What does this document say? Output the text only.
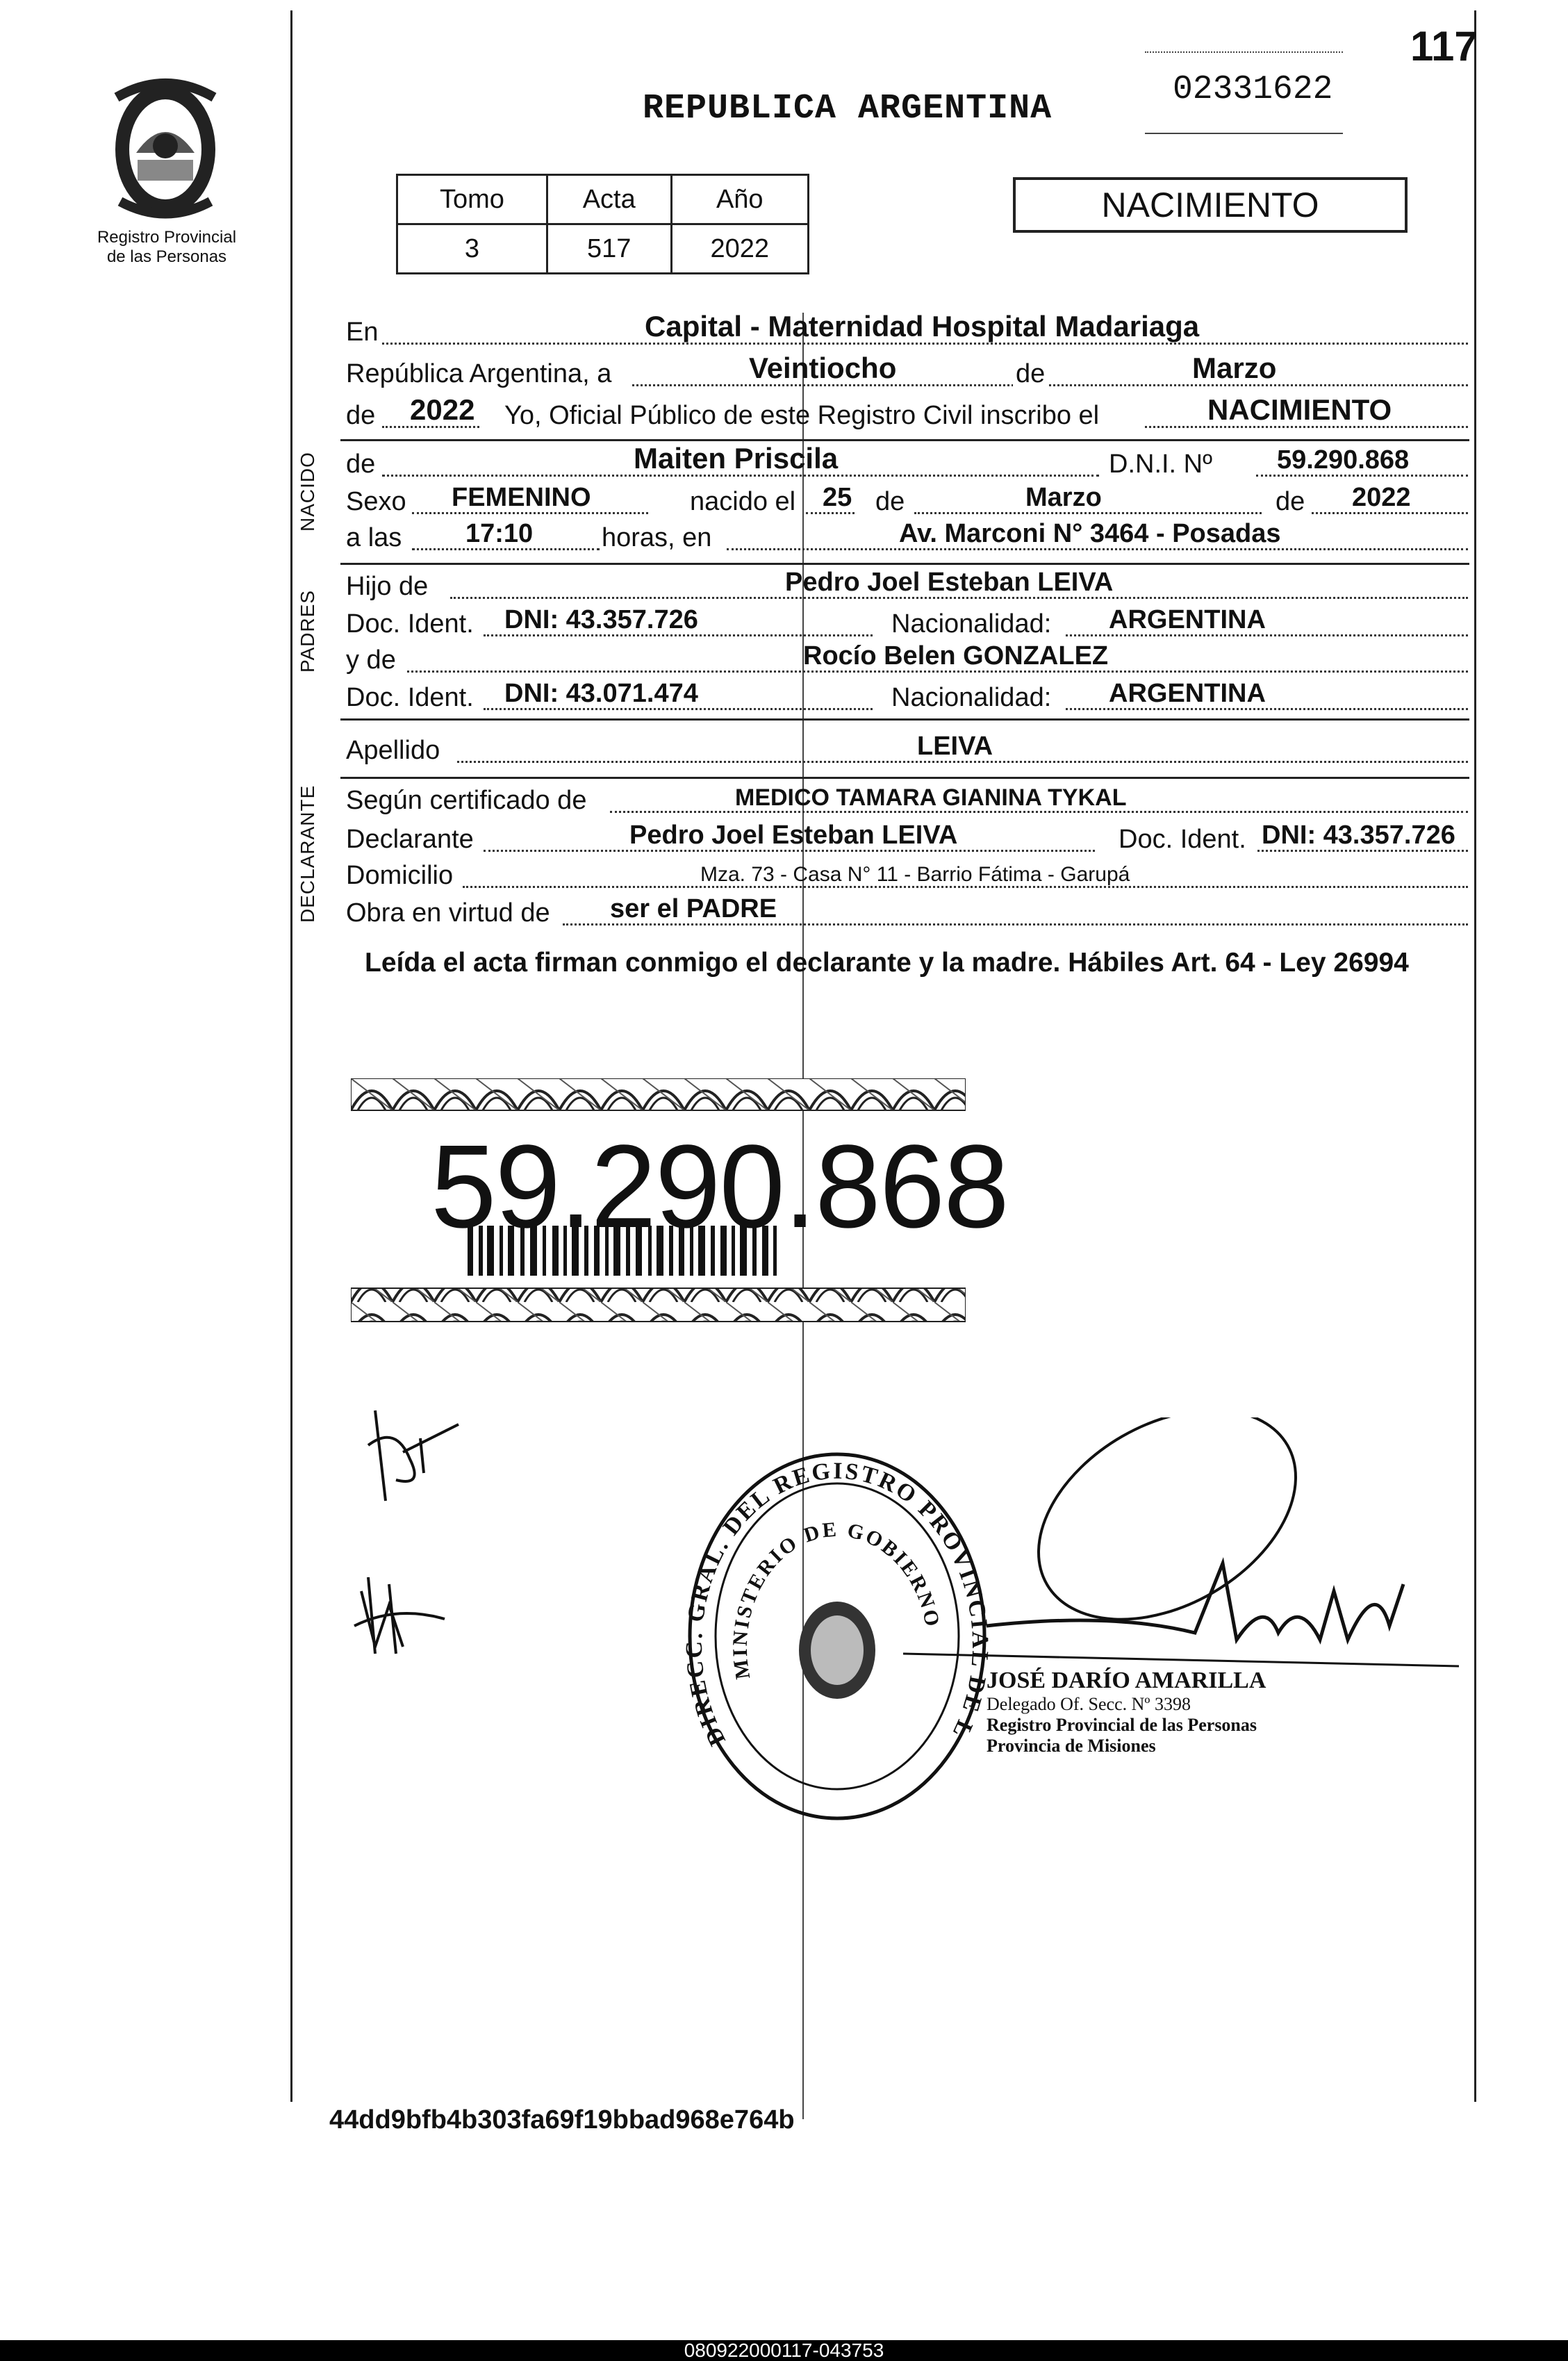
Registro Provincial
de las Personas
REPUBLICA ARGENTINA	02331622
117
Tomo	Acta	Año
3	517	2022
NACIMIENTO
En	Capital - Maternidad Hospital Madariaga
República Argentina, a	Veintiocho	de	Marzo
de 2022 Yo, Oficial Público de este Registro Civil inscribo el	NACIMIENTO
NACIDO de	Maiten Priscila	D.N.I. Nº 59.290.868
Sexo FEMENINO	nacido el 25 de	Marzo	de 2022
a las 17:10	horas, en	Av. Marconi N° 3464 - Posadas
PADRES
Hijo de	Pedro Joel Esteban LEIVA
Doc. Ident. DNI: 43.357.726	Nacionalidad: ARGENTINA
y de	Rocío Belen GONZALEZ
Doc. Ident. DNI: 43.071.474	Nacionalidad: ARGENTINA
Apellido	LEIVA
DECLARANTE Según certificado de	MEDICO TAMARA GIANINA TYKAL
Declarante	Pedro Joel Esteban LEIVA	Doc. Ident. DNI: 43.357.726
Domicilio	Mza. 73 - Casa N° 11 - Barrio Fátima - Garupá
Obra en virtud de ser el PADRE
Leída el acta firman conmigo el declarante y la madre. Hábiles Art. 64 - Ley 26994
59.290.868
DIREC GRAL. DEL REGISTRO PROVINCI DE L
MINISTERIO DE GOBIERNO
JOSÉ DARÍO AMARILLA
Delegado Of. Secc. Nº 3398
Registro Provincial de las Personas
Provincia de Misiones
44dd9bfb4b303fa69f19bbad968e764b
080922000117-043753
